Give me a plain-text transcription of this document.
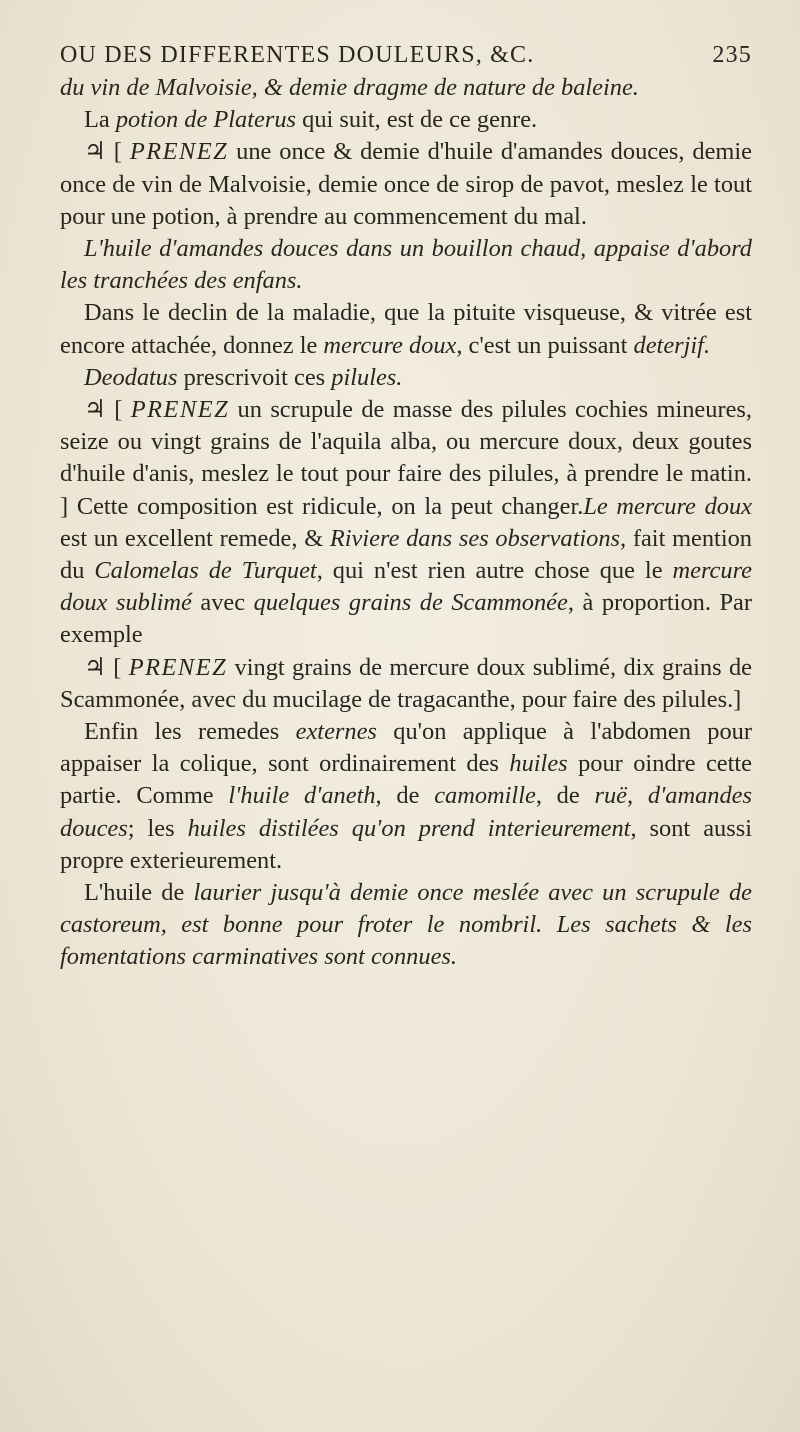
OU DES DIFFERENTES DOULEURS, &C.	235

du vin de Malvoisie, & demie dragme de nature de baleine.

La potion de Platerus qui suit, est de ce genre.

♃ [ PRENEZ une once & demie d'huile d'amandes douces, demie once de vin de Malvoisie, demie once de sirop de pavot, meslez le tout pour une potion, à prendre au commencement du mal.

L'huile d'amandes douces dans un bouillon chaud, appaise d'abord les tranchées des enfans.

Dans le declin de la maladie, que la pituite visqueuse, & vitrée est encore attachée, donnez le mercure doux, c'est un puissant deterjif.

Deodatus prescrivoit ces pilules.

♃ [ PRENEZ un scrupule de masse des pilules cochies mineures, seize ou vingt grains de l'aquila alba, ou mercure doux, deux goutes d'huile d'anis, meslez le tout pour faire des pilules, à prendre le matin. ] Cette composition est ridicule, on la peut changer.Le mercure doux est un excellent remede, & Riviere dans ses observations, fait mention du Calomelas de Turquet, qui n'est rien autre chose que le mercure doux sublimé avec quelques grains de Scammonée, à proportion. Par exemple

♃ [ PRENEZ vingt grains de mercure doux sublimé, dix grains de Scammonée, avec du mucilage de tragacanthe, pour faire des pilules.]

Enfin les remedes externes qu'on applique à l'abdomen pour appaiser la colique, sont ordinairement des huiles pour oindre cette partie. Comme l'huile d'aneth, de camomille, de ruë, d'amandes douces; les huiles distilées qu'on prend interieurement, sont aussi propre exterieurement.

L'huile de laurier jusqu'à demie once meslée avec un scrupule de castoreum, est bonne pour froter le nombril. Les sachets & les fomentations carminatives sont connues.
